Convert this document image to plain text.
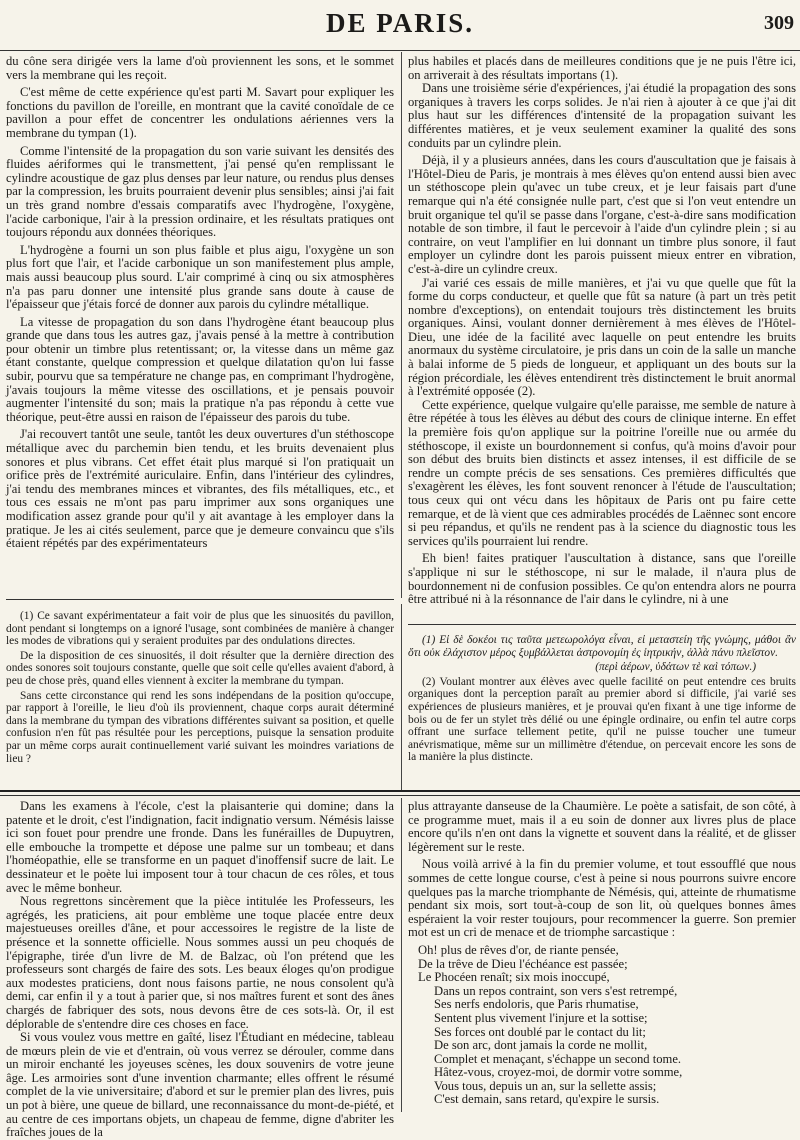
DE PARIS.	309

du cône sera dirigée vers la lame d'où proviennent les sons, et le sommet vers la membrane qui les reçoit.

C'est même de cette expérience qu'est parti M. Savart pour expliquer les fonctions du pavillon de l'oreille, en montrant que la cavité conoïdale de ce pavillon a pour effet de concentrer les ondulations aériennes vers la membrane du tympan (1).

Comme l'intensité de la propagation du son varie suivant les densités des fluides aériformes qui le transmettent, j'ai pensé qu'en remplissant le cylindre acoustique de gaz plus denses par leur nature, ou rendus plus denses par la compression, les bruits pourraient devenir plus sensibles; ainsi j'ai fait un très grand nombre d'essais comparatifs avec l'hydrogène, l'oxygène, l'acide carbonique, l'air à la pression ordinaire, et les résultats pratiques ont toujours répondu aux données théoriques.

L'hydrogène a fourni un son plus faible et plus aigu, l'oxygène un son plus fort que l'air, et l'acide carbonique un son manifestement plus ample, mais aussi beaucoup plus sourd. L'air comprimé à cinq ou six atmosphères n'a pas paru donner une intensité plus grande sans doute à cause de l'épaisseur que j'étais forcé de donner aux parois du cylindre métallique.

La vitesse de propagation du son dans l'hydrogène étant beaucoup plus grande que dans tous les autres gaz, j'avais pensé à la mettre à contribution pour obtenir un timbre plus retentissant; or, la vitesse dans un même gaz étant constante, quelque compression et quelque dilatation qu'on lui fasse subir, pourvu que sa température ne change pas, en comprimant l'hydrogène, j'avais toujours la même vitesse des oscillations, et je pensais pouvoir augmenter l'intensité du son; mais la pratique n'a pas répondu à cette vue théorique, peut-être aussi en raison de l'épaisseur des parois du tube.

J'ai recouvert tantôt une seule, tantôt les deux ouvertures d'un stéthoscope métallique avec du parchemin bien tendu, et les bruits devenaient plus sonores et plus vibrans. Cet effet était plus marqué si l'on pratiquait un orifice près de l'extrémité auriculaire. Enfin, dans l'intérieur des cylindres, j'ai tendu des membranes minces et vibrantes, des fils métalliques, etc., et tous ces essais ne m'ont pas paru imprimer aux sons organiques une modification assez grande pour qu'il y ait avantage à les employer dans la pratique. Je les ai cités seulement, parce que je demeure convaincu que s'ils étaient répétés par des expérimentateurs

plus habiles et placés dans de meilleures conditions que je ne puis l'être ici, on arriverait à des résultats importans (1).

Dans une troisième série d'expériences, j'ai étudié la propagation des sons organiques à travers les corps solides. Je n'ai rien à ajouter à ce que j'ai dit plus haut sur les différences d'intensité de la propagation suivant les différentes matières, et je veux seulement examiner la qualité des sons conduits par un cylindre plein.

Déjà, il y a plusieurs années, dans les cours d'auscultation que je faisais à l'Hôtel-Dieu de Paris, je montrais à mes élèves qu'on entend aussi bien avec un stéthoscope plein qu'avec un tube creux, et je leur faisais part d'une remarque qui n'a été consignée nulle part, c'est que si l'on veut entendre un bruit organique tel qu'il se passe dans l'organe, c'est-à-dire sans modification notable de son timbre, il faut le percevoir à l'aide d'un cylindre plein ; si au contraire, on veut l'amplifier en lui donnant un timbre plus sonore, il faut employer un cylindre dont les parois puissent mieux entrer en vibration, c'est-à-dire un cylindre creux.

J'ai varié ces essais de mille manières, et j'ai vu que quelle que fût la forme du corps conducteur, et quelle que fût sa nature (à part un très petit nombre d'exceptions), on entendait toujours très distinctement les bruits organiques. Ainsi, voulant donner dernièrement à mes élèves de l'Hôtel-Dieu, une idée de la facilité avec laquelle on peut entendre les bruits anormaux du système circulatoire, je pris dans un coin de la salle un manche à balai informe de 5 pieds de longueur, et appliquant un des bouts sur la région précordiale, les élèves entendirent très distinctement le bruit anormal à l'extrémité opposée (2).

Cette expérience, quelque vulgaire qu'elle paraisse, me semble de nature à être répétée à tous les élèves au début des cours de clinique interne. En effet la première fois qu'on applique sur la poitrine l'oreille nue ou armée du stéthoscope, il existe un bourdonnement si confus, qu'à moins d'avoir pour son début des bruits bien distincts et assez intenses, il est difficile de se rendre un compte précis de ses sensations. Ces premières difficultés que s'exagèrent les élèves, les font souvent renoncer à l'étude de l'auscultation; tous ceux qui ont vécu dans les hôpitaux de Paris ont pu faire cette remarque, et de là vient que ces admirables procédés de Laënnec sont encore si peu répandus, et qu'ils ne rendent pas à la science du diagnostic tous les services qu'ils pourraient lui rendre.

Eh bien! faites pratiquer l'auscultation à distance, sans que l'oreille s'applique ni sur le stéthoscope, ni sur le malade, il n'aura plus de bourdonnement ni de confusion possibles. Ce qu'on entendra alors ne pourra être attribué ni à la résonnance de l'air dans le cylindre, ni à une

(1) Ce savant expérimentateur a fait voir de plus que les sinuosités du pavillon, dont pendant si longtemps on a ignoré l'usage, sont combinées de manière à changer les modes de vibrations qui y seraient produites par des ondulations directes.

De la disposition de ces sinuosités, il doit résulter que la dernière direction des ondes sonores soit toujours constante, quelle que soit celle qu'elles avaient d'abord, à peu de chose près, quand elles viennent à exciter la membrane du tympan.

Sans cette circonstance qui rend les sons indépendans de la position qu'occupe, par rapport à l'oreille, le lieu d'où ils proviennent, chaque corps aurait déterminé dans la membrane du tympan des vibrations différentes suivant sa position, et quelle confusion n'en fût pas résultée pour les perceptions, puisque la sensation produite par un même corps aurait continuellement varié suivant les moindres variations de lieu ?

(1) Εἰ δὲ δοκέοι τις ταῦτα μετεωρολόγα εἶναι, εἰ μεταστείη τῆς γνώμης, μάθοι ἂν ὅτι οὐκ ἐλάχιστον μέρος ξυμβάλλεται ἀστρονομίη ἐς ἰητρικήν, ἀλλὰ πάνυ πλεῖστον.

(περὶ ἀέρων, ὑδάτων τὲ καὶ τόπων.)

(2) Voulant montrer aux élèves avec quelle facilité on peut entendre ces bruits organiques dont la perception paraît au premier abord si difficile, j'ai varié ses expériences de plusieurs manières, et je prouvai qu'en fixant à une tige informe de bois ou de fer un stylet très délié ou une épingle ordinaire, ou enfin tel autre corps offrant une surface tellement petite, qu'il ne puisse toucher une tumeur anévrismatique, même sur un millimètre d'étendue, on percevait encore les sons de la manière la plus distincte.

Dans les examens à l'école, c'est la plaisanterie qui domine; dans la patente et le droit, c'est l'indignation, facit indignatio versum. Némésis laisse ici son fouet pour prendre une fronde. Dans les funérailles de Dupuytren, elle embouche la trompette et dépose une palme sur un tombeau; et dans l'homéopathie, elle se transforme en un paquet d'inoffensif sucre de lait. Le dessinateur et le poète lui imposent tour à tour chacun de ces rôles, et tous avec le même bonheur.

Nous regrettons sincèrement que la pièce intitulée les Professeurs, les agrégés, les praticiens, ait pour emblème une toque placée entre deux majestueuses oreilles d'âne, et pour accessoires le registre de la liste de présence et la sonnette officielle. Nous sommes aussi un peu choqués de l'épigraphe, tirée d'un livre de M. de Balzac, où l'on prétend que les professeurs sont chargés de faire des sots. Les beaux éloges qu'on prodigue aux modestes praticiens, dont nous faisons partie, ne nous consolent qu'à demi, car enfin il y a tout à parier que, si nos maîtres furent et sont des ânes chargés de fabriquer des sots, nous devons être de ces sots-là. Or, il est déplorable de s'entendre dire ces choses en face.

Si vous voulez vous mettre en gaîté, lisez l'Étudiant en médecine, tableau de mœurs plein de vie et d'entrain, où vous verrez se dérouler, comme dans un miroir enchanté les joyeuses scènes, les doux souvenirs de votre jeune âge. Les armoiries sont d'une invention charmante; elles offrent le résumé complet de la vie universitaire; d'abord et sur le premier plan des livres, puis un pot à bière, une queue de billard, une reconnaissance du mont-de-piété, et au centre de ces importans objets, un chapeau de femme, digne d'abriter les fraîches joues de la

plus attrayante danseuse de la Chaumière. Le poète a satisfait, de son côté, à ce programme muet, mais il a eu soin de donner aux livres plus de place encore qu'ils n'en ont dans la vignette et souvent dans la réalité, et de glisser légèrement sur le reste.

Nous voilà arrivé à la fin du premier volume, et tout essoufflé que nous sommes de cette longue course, c'est à peine si nous pourrons suivre encore quelques pas la marche triomphante de Némésis, qui, atteinte de rhumatisme pendant six mois, sort tout-à-coup de son lit, où quelques bonnes âmes espéraient la voir rester toujours, pour recommencer la guerre. Son premier mot est un cri de menace et de triomphe sarcastique :

Oh! plus de rêves d'or, de riante pensée,
De la trêve de Dieu l'échéance est passée;
Le Phocéen renaît; six mois inoccupé,
Dans un repos contraint, son vers s'est retrempé,
Ses nerfs endoloris, que Paris rhumatise,
Sentent plus vivement l'injure et la sottise;
Ses forces ont doublé par le contact du lit;
De son arc, dont jamais la corde ne mollit,
Complet et menaçant, s'échappe un second tome.
Hâtez-vous, croyez-moi, de dormir votre somme,
Vous tous, depuis un an, sur la sellette assis;
C'est demain, sans retard, qu'expire le sursis.
